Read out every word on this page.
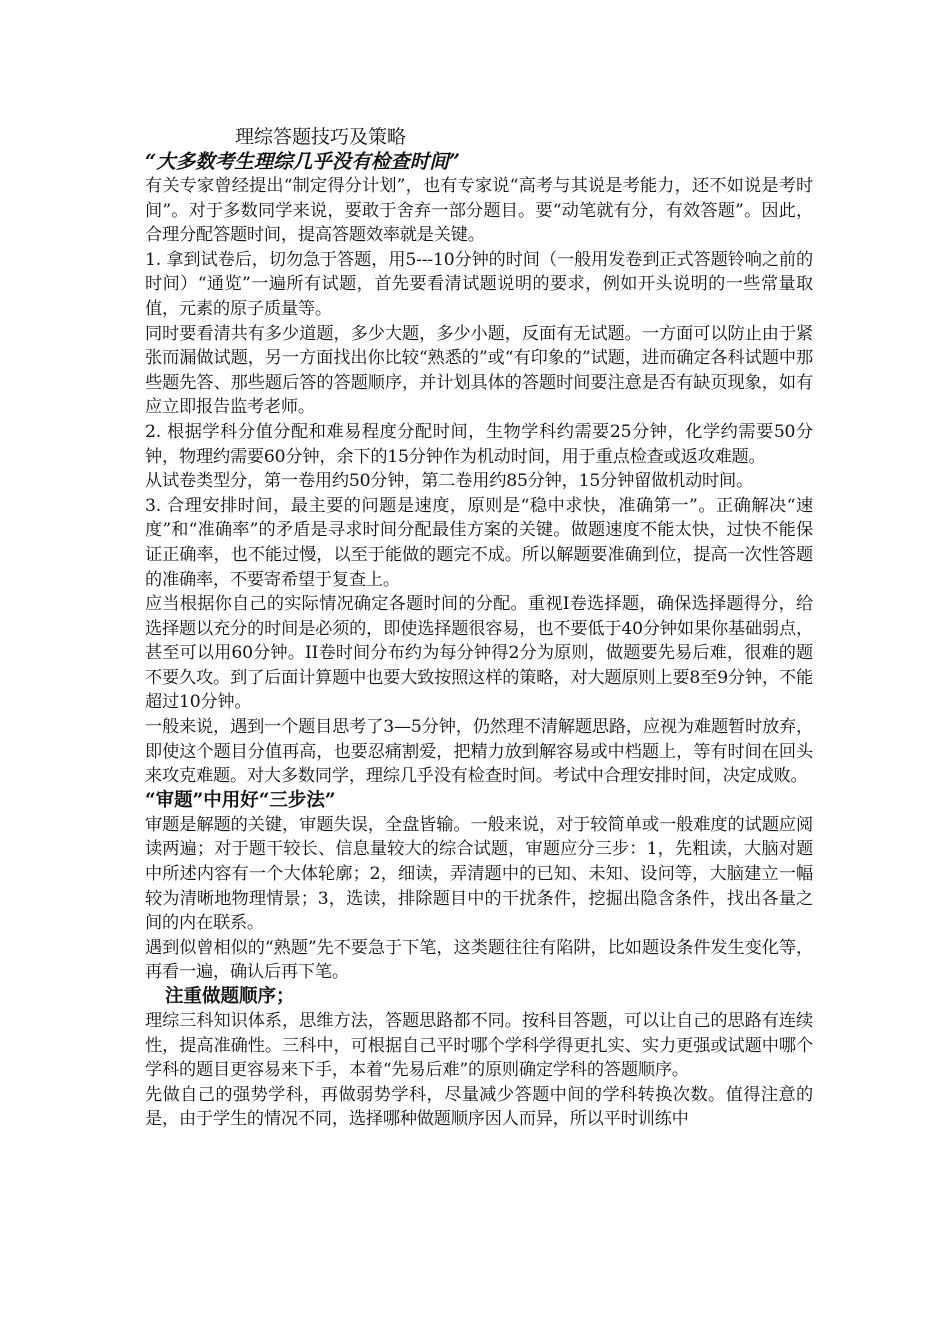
理综答题技巧及策略
“大多数考生理综几乎没有检查时间”

有关专家曾经提出“制定得分计划”，也有专家说“高考与其说是考能力，还不如说是考时间”。对于多数同学来说，要敢于舍弃一部分题目。要“动笔就有分，有效答题”。因此，合理分配答题时间，提高答题效率就是关键。

1. 拿到试卷后，切勿急于答题，用5---10分钟的时间（一般用发卷到正式答题铃响之前的时间）“通览”一遍所有试题，首先要看清试题说明的要求，例如开头说明的一些常量取值，元素的原子质量等。

同时要看清共有多少道题，多少大题，多少小题，反面有无试题。一方面可以防止由于紧张而漏做试题，另一方面找出你比较“熟悉的”或“有印象的”试题，进而确定各科试题中那些题先答、那些题后答的答题顺序，并计划具体的答题时间要注意是否有缺页现象，如有应立即报告监考老师。

2. 根据学科分值分配和难易程度分配时间，生物学科约需要25分钟，化学约需要50分钟，物理约需要60分钟，余下的15分钟作为机动时间，用于重点检查或返攻难题。

从试卷类型分，第一卷用约50分钟，第二卷用约85分钟，15分钟留做机动时间。

3. 合理安排时间，最主要的问题是速度，原则是“稳中求快，准确第一”。正确解决“速度”和“准确率”的矛盾是寻求时间分配最佳方案的关键。做题速度不能太快，过快不能保证正确率，也不能过慢，以至于能做的题完不成。所以解题要准确到位，提高一次性答题的准确率，不要寄希望于复查上。

应当根据你自己的实际情况确定各题时间的分配。重视I卷选择题，确保选择题得分，给选择题以充分的时间是必须的，即使选择题很容易，也不要低于40分钟如果你基础弱点，甚至可以用60分钟。II卷时间分布约为每分钟得2分为原则，做题要先易后难，很难的题不要久攻。到了后面计算题中也要大致按照这样的策略，对大题原则上要8至9分钟，不能超过10分钟。

一般来说，遇到一个题目思考了3—5分钟，仍然理不清解题思路，应视为难题暂时放弃，即使这个题目分值再高，也要忍痛割爱，把精力放到解容易或中档题上，等有时间在回头来攻克难题。对大多数同学，理综几乎没有检查时间。考试中合理安排时间，决定成败。

“审题”中用好“三步法”

审题是解题的关键，审题失误，全盘皆输。一般来说，对于较简单或一般难度的试题应阅读两遍；对于题干较长、信息量较大的综合试题，审题应分三步：1，先粗读，大脑对题中所述内容有一个大体轮廓；2，细读，弄清题中的已知、未知、设问等，大脑建立一幅较为清晰地物理情景；3，选读，排除题目中的干扰条件，挖掘出隐含条件，找出各量之间的内在联系。

遇到似曾相似的“熟题”先不要急于下笔，这类题往往有陷阱，比如题设条件发生变化等，再看一遍，确认后再下笔。

注重做题顺序；

理综三科知识体系，思维方法，答题思路都不同。按科目答题，可以让自己的思路有连续性，提高准确性。三科中，可根据自己平时哪个学科学得更扎实、实力更强或试题中哪个学科的题目更容易来下手，本着“先易后难”的原则确定学科的答题顺序。

先做自己的强势学科，再做弱势学科，尽量减少答题中间的学科转换次数。值得注意的是，由于学生的情况不同，选择哪种做题顺序因人而异，所以平时训练中
